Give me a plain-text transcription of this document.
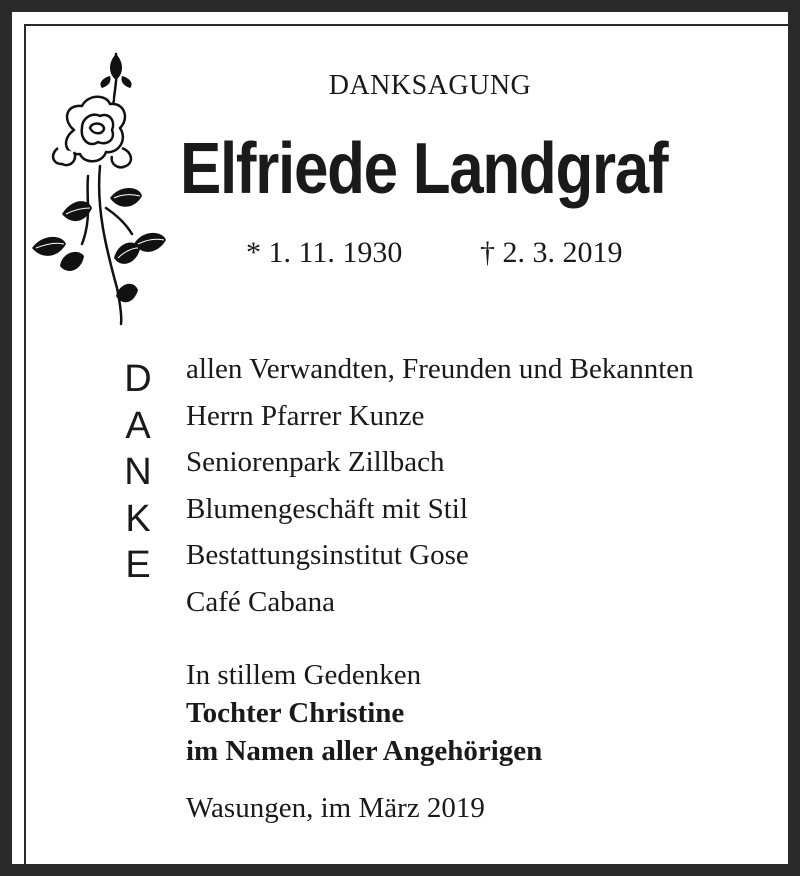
DANKSAGUNG
Elfriede Landgraf
* 1. 11. 1930	† 2. 3. 2019
D
A
N
K
E
allen Verwandten, Freunden und Bekannten
Herrn Pfarrer Kunze
Seniorenpark Zillbach
Blumengeschäft mit Stil
Bestattungsinstitut Gose
Café Cabana
In stillem Gedenken
Tochter Christine
im Namen aller Angehörigen
Wasungen, im März 2019
